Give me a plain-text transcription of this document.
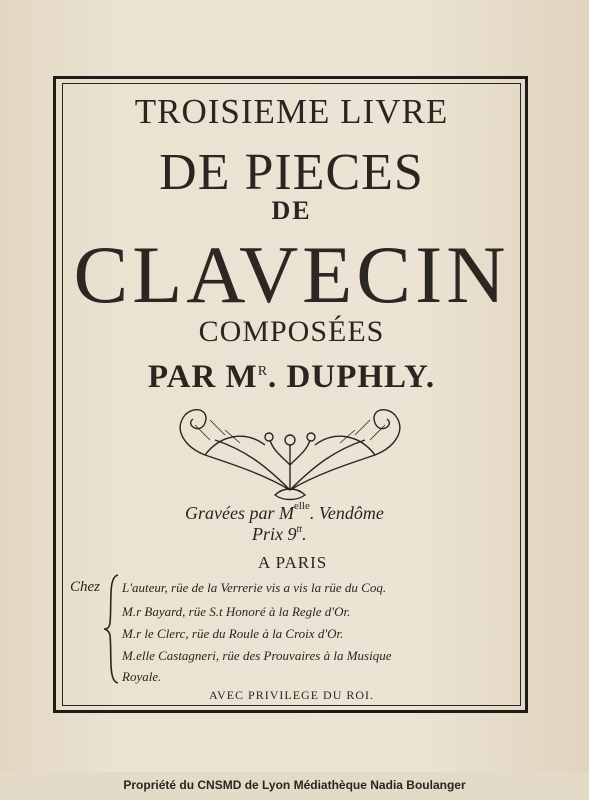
TROISIEME LIVRE
DE PIECES
DE
CLAVECIN
COMPOSÉES
PAR $M^R$. DUPHLY.
Gravées par $M^{elle}$. Vendôme
Prix $9^{tt}$.
A PARIS
Chez L'auteur, rüe de la Verrerie vis a vis la rüe du Coq.
M.r Bayard, rüe S.t Honoré à la Regle d'Or.
M.r le Clerc, rüe du Roule à la Croix d'Or.
M.elle Castagneri, rüe des Prouvaires à la Musique
Royale.
AVEC PRIVILEGE DU ROI.
Propriété du CNSMD de Lyon Médiathèque Nadia Boulanger
